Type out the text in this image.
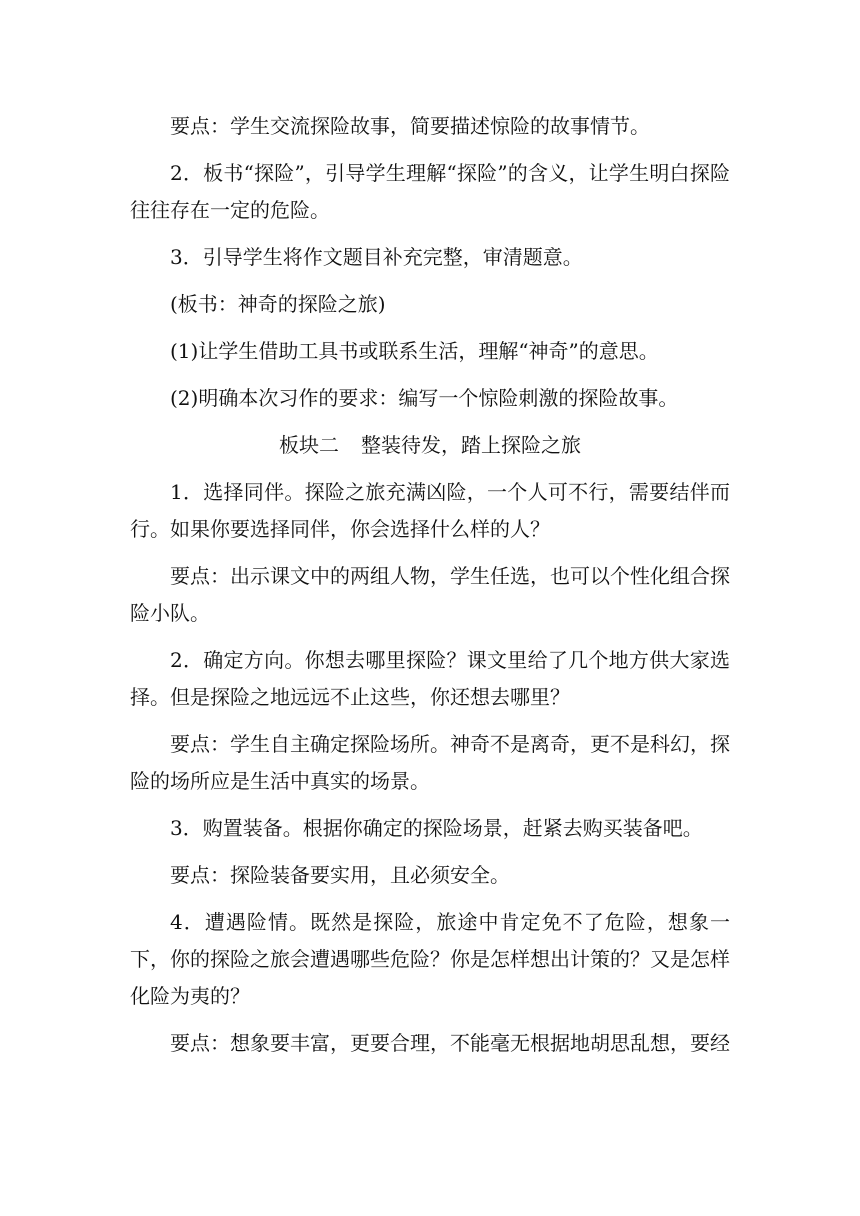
要点：学生交流探险故事，简要描述惊险的故事情节。

2．板书“探险”，引导学生理解“探险”的含义，让学生明白探险往往存在一定的危险。

3．引导学生将作文题目补充完整，审清题意。

(板书：神奇的探险之旅)

(1)让学生借助工具书或联系生活，理解“神奇”的意思。

(2)明确本次习作的要求：编写一个惊险刺激的探险故事。

板块二 整装待发，踏上探险之旅

1．选择同伴。探险之旅充满凶险，一个人可不行，需要结伴而行。如果你要选择同伴，你会选择什么样的人？

要点：出示课文中的两组人物，学生任选，也可以个性化组合探险小队。

2．确定方向。你想去哪里探险？课文里给了几个地方供大家选择。但是探险之地远远不止这些，你还想去哪里？

要点：学生自主确定探险场所。神奇不是离奇，更不是科幻，探险的场所应是生活中真实的场景。

3．购置装备。根据你确定的探险场景，赶紧去购买装备吧。

要点：探险装备要实用，且必须安全。

4．遭遇险情。既然是探险，旅途中肯定免不了危险，想象一下，你的探险之旅会遭遇哪些危险？你是怎样想出计策的？又是怎样化险为夷的？

要点：想象要丰富，更要合理，不能毫无根据地胡思乱想，要经
